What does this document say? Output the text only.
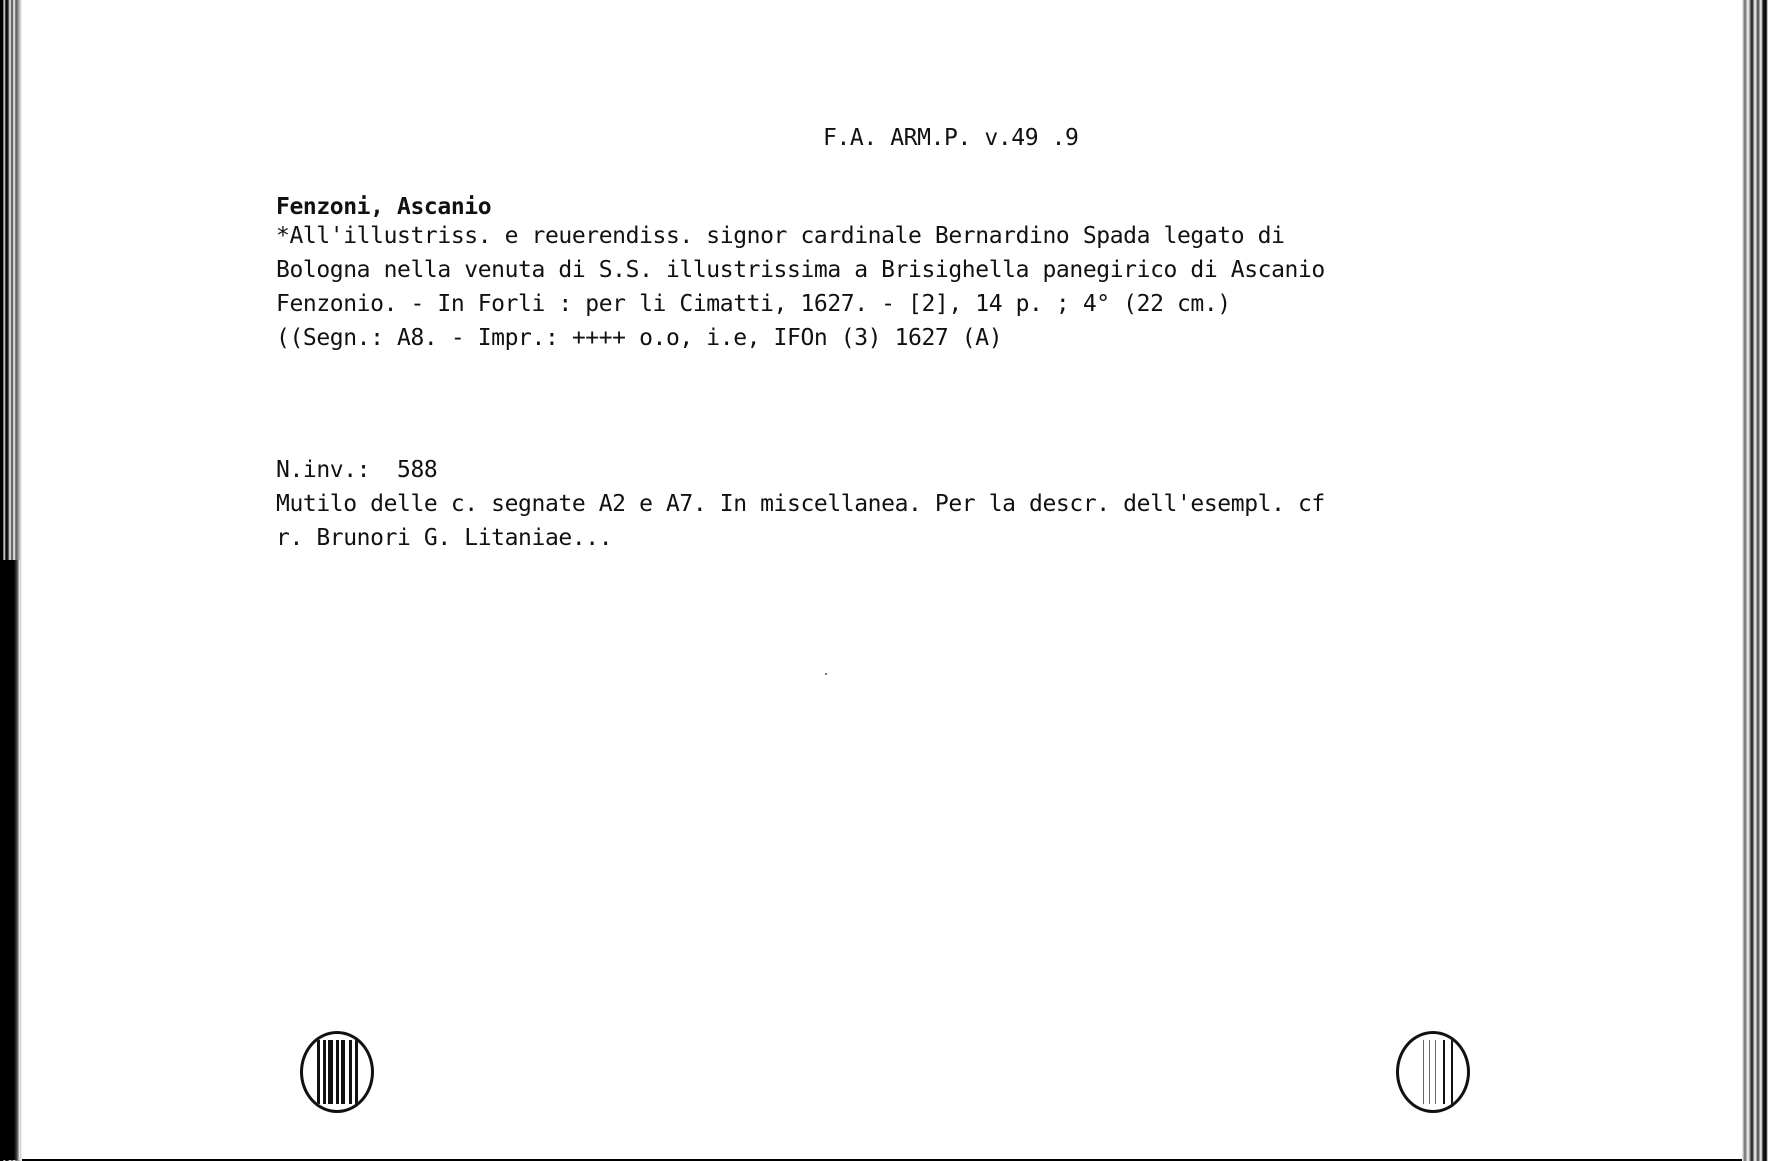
F.A. ARM.P. v.49 .9
Fenzoni, Ascanio
*All'illustriss. e reuerendiss. signor cardinale Bernardino Spada legato di
Bologna nella venuta di S.S. illustrissima a Brisighella panegirico di Ascanio
Fenzonio. - In Forli : per li Cimatti, 1627. - [2], 14 p. ; 4° (22 cm.)
((Segn.: A8. - Impr.: ++++ o.o, i.e, IFOn (3) 1627 (A)
N.inv.:  588
Mutilo delle c. segnate A2 e A7. In miscellanea. Per la descr. dell'esempl. cf
r. Brunori G. Litaniae...
